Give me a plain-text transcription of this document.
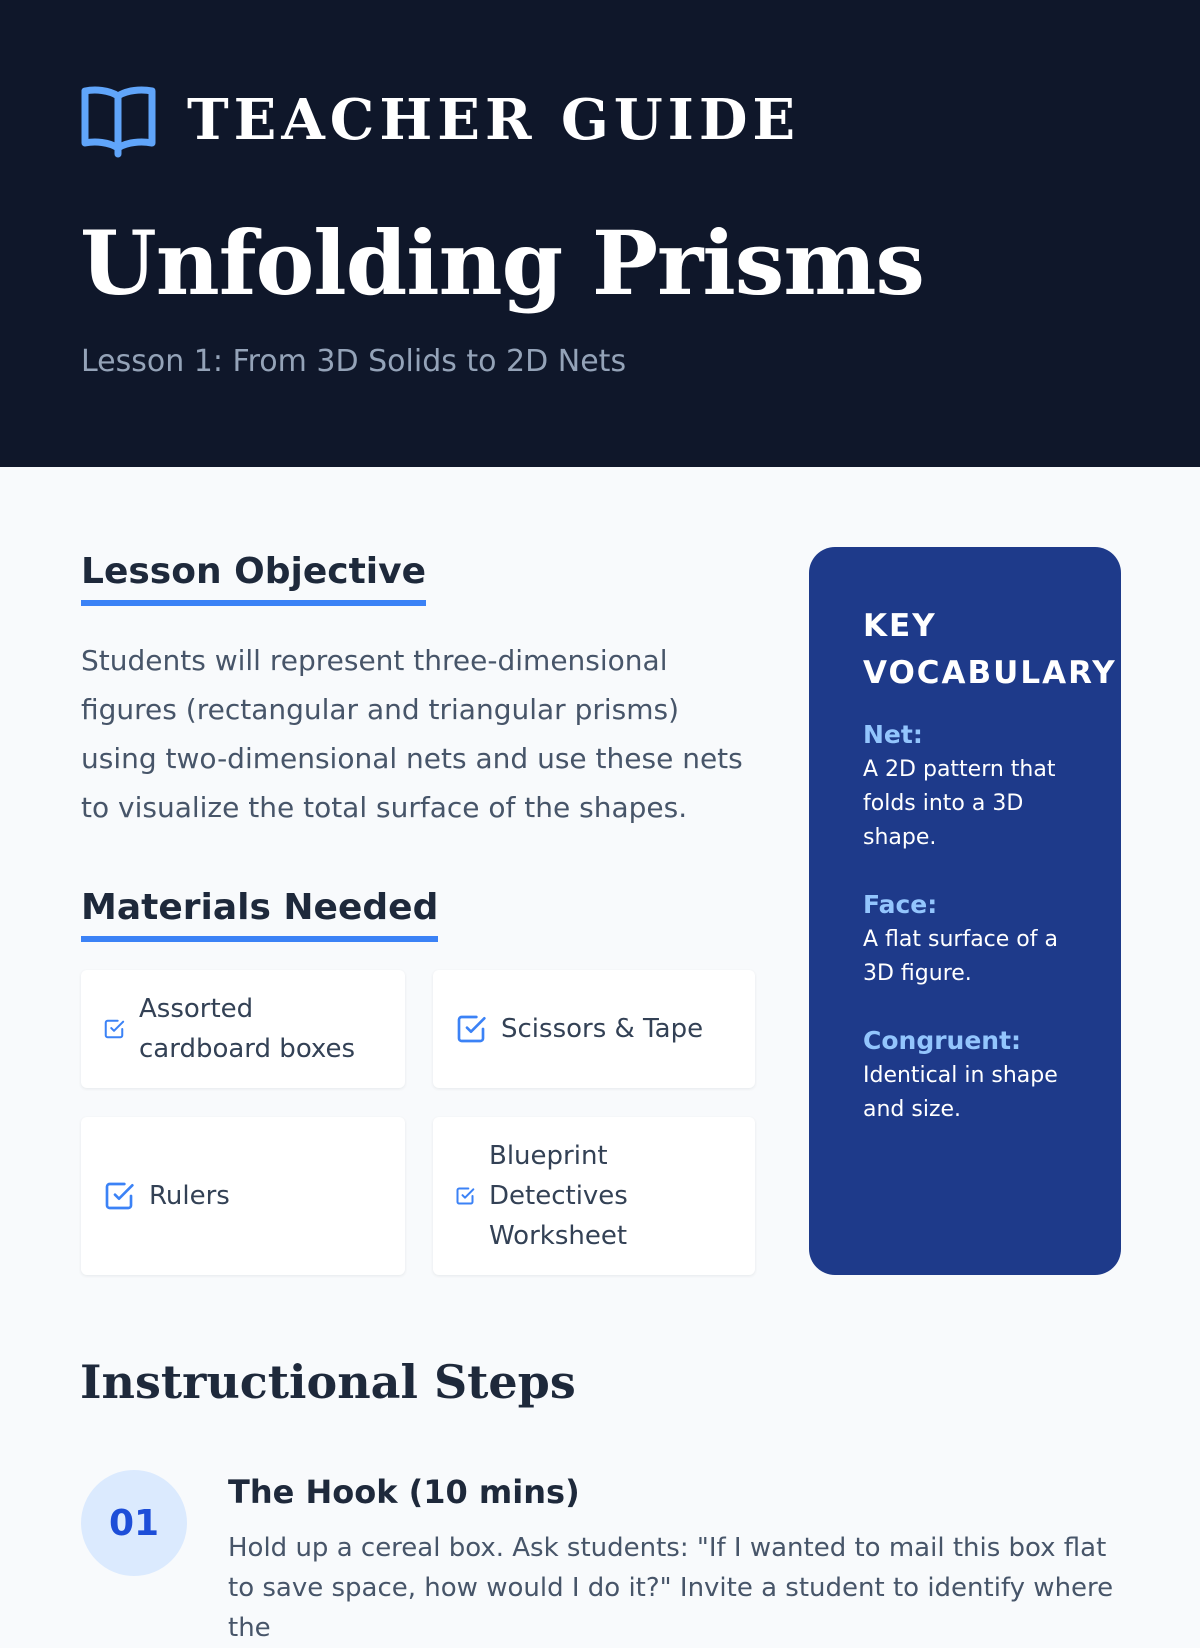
TEACHER GUIDE
Unfolding Prisms
Lesson 1: From 3D Solids to 2D Nets
Lesson Objective

Students will represent three-dimensional figures (rectangular and triangular prisms) using two-dimensional nets and use these nets to visualize the total surface of the shapes.

Materials Needed
Assorted cardboard boxes
Scissors & Tape
Rulers
Blueprint Detectives Worksheet
KEY VOCABULARY
Net:
A 2D pattern that folds into a 3D shape.
Face:
A flat surface of a 3D figure.
Congruent:
Identical in shape and size.
Instructional Steps
01
The Hook (10 mins)

Hold up a cereal box. Ask students: "If I wanted to mail this box flat to save space, how would I do it?" Invite a student to identify where the
